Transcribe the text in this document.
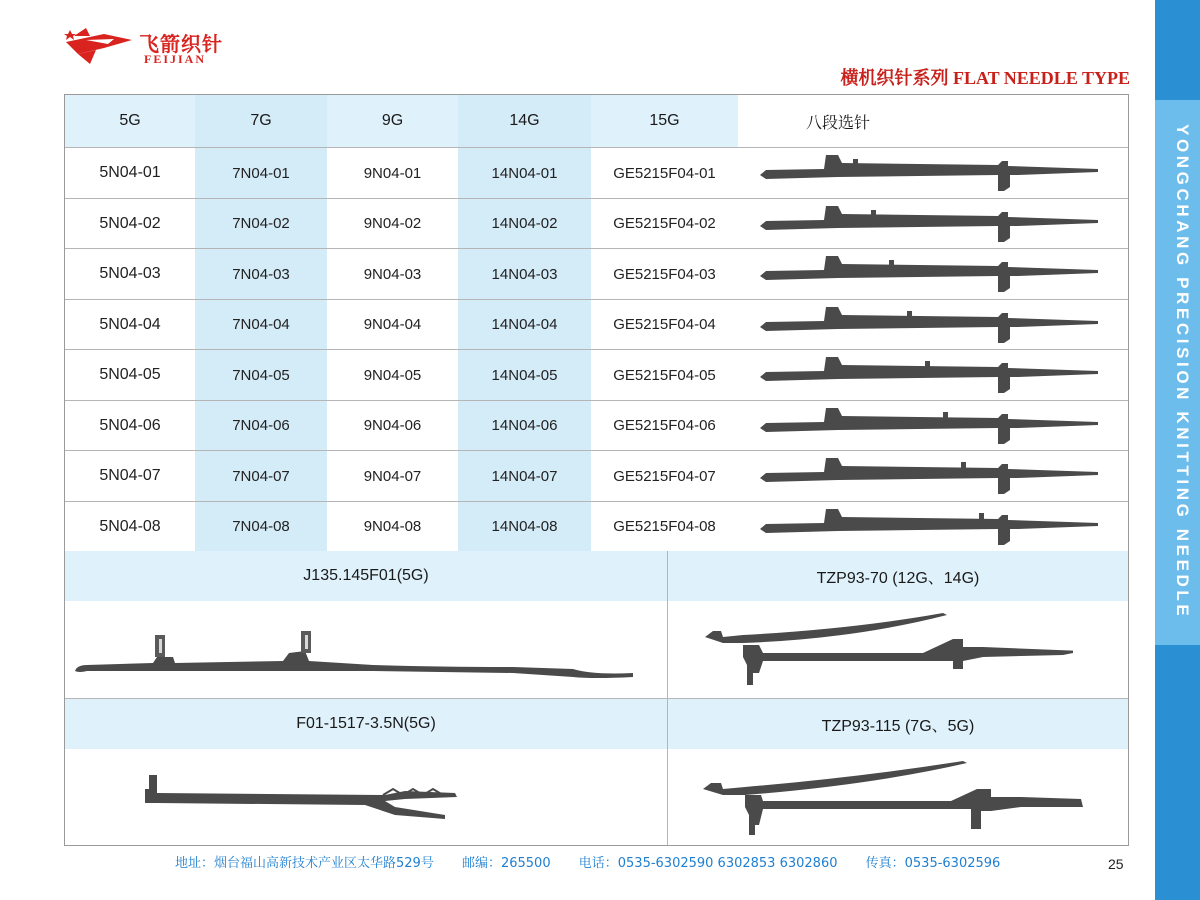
飞箭织针
FEIJIAN
横机织针系列 FLAT NEEDLE TYPE
YONGCHANG PRECISION KNITTING NEEDLE
5G	7G	9G	14G	15G	八段选针
5N04-01	7N04-01	9N04-01	14N04-01	GE5215F04-01
5N04-02	7N04-02	9N04-02	14N04-02	GE5215F04-02
5N04-03	7N04-03	9N04-03	14N04-03	GE5215F04-03
5N04-04	7N04-04	9N04-04	14N04-04	GE5215F04-04
5N04-05	7N04-05	9N04-05	14N04-05	GE5215F04-05
5N04-06	7N04-06	9N04-06	14N04-06	GE5215F04-06
5N04-07	7N04-07	9N04-07	14N04-07	GE5215F04-07
5N04-08	7N04-08	9N04-08	14N04-08	GE5215F04-08
J135.145F01(5G)	TZP93-70 (12G、14G)
F01-1517-3.5N(5G)	TZP93-115 (7G、5G)
地址：烟台福山高新技术产业区太华路529号 邮编：265500 电话：0535-6302590 6302853 6302860 传真：0535-6302596	25
